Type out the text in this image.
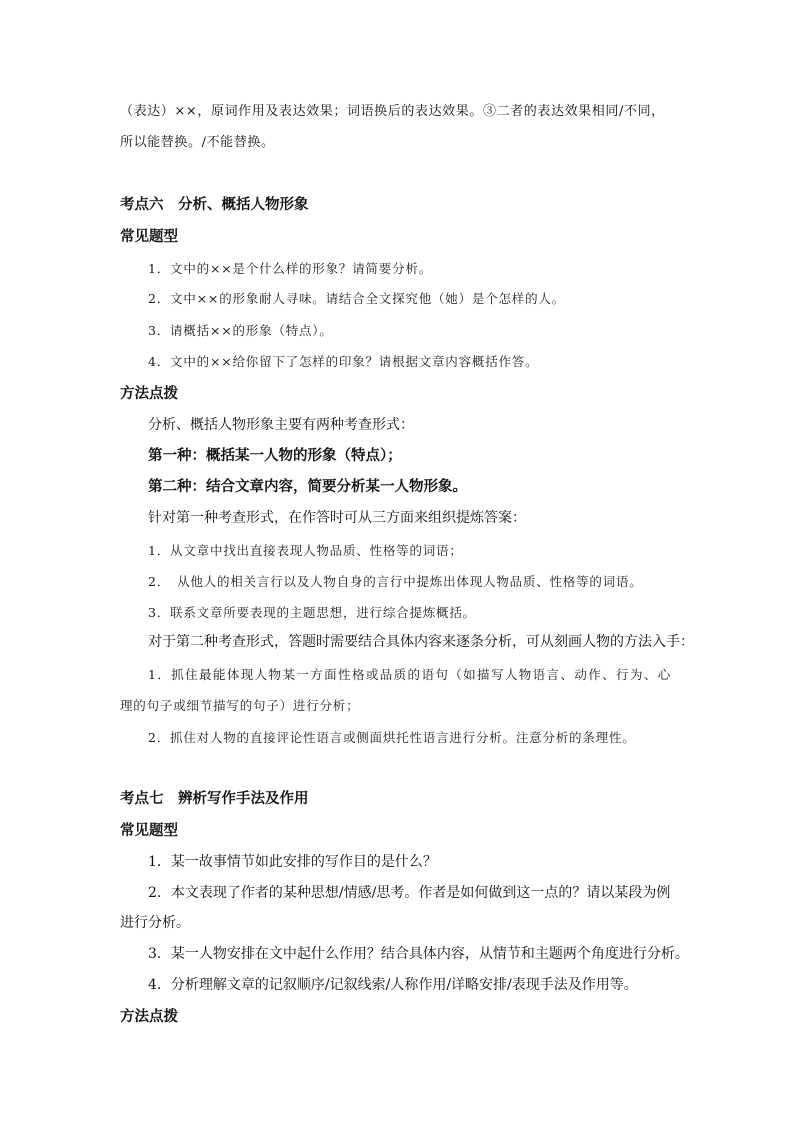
（表达）××，原词作用及表达效果；词语换后的表达效果。③二者的表达效果相同/不同，
所以能替换。/不能替换。
考点六　分析、概括人物形象
常见题型
1．文中的××是个什么样的形象？请简要分析。
2．文中××的形象耐人寻味。请结合全文探究他（她）是个怎样的人。
3．请概括××的形象（特点）。
4．文中的××给你留下了怎样的印象？请根据文章内容概括作答。
方法点拨
分析、概括人物形象主要有两种考查形式：
第一种：概括某一人物的形象（特点）；
第二种：结合文章内容，简要分析某一人物形象。
针对第一种考查形式，在作答时可从三方面来组织提炼答案：
1．从文章中找出直接表现人物品质、性格等的词语；
2．　从他人的相关言行以及人物自身的言行中提炼出体现人物品质、性格等的词语。
3．联系文章所要表现的主题思想，进行综合提炼概括。
对于第二种考查形式，答题时需要结合具体内容来逐条分析，可从刻画人物的方法入手：
1．抓住最能体现人物某一方面性格或品质的语句（如描写人物语言、动作、行为、心
理的句子或细节描写的句子）进行分析；
2．抓住对人物的直接评论性语言或侧面烘托性语言进行分析。注意分析的条理性。
考点七　辨析写作手法及作用
常见题型
1．某一故事情节如此安排的写作目的是什么？
2．本文表现了作者的某种思想/情感/思考。作者是如何做到这一点的？请以某段为例
进行分析。
3．某一人物安排在文中起什么作用？结合具体内容，从情节和主题两个角度进行分析。
4．分析理解文章的记叙顺序/记叙线索/人称作用/详略安排/表现手法及作用等。
方法点拨
